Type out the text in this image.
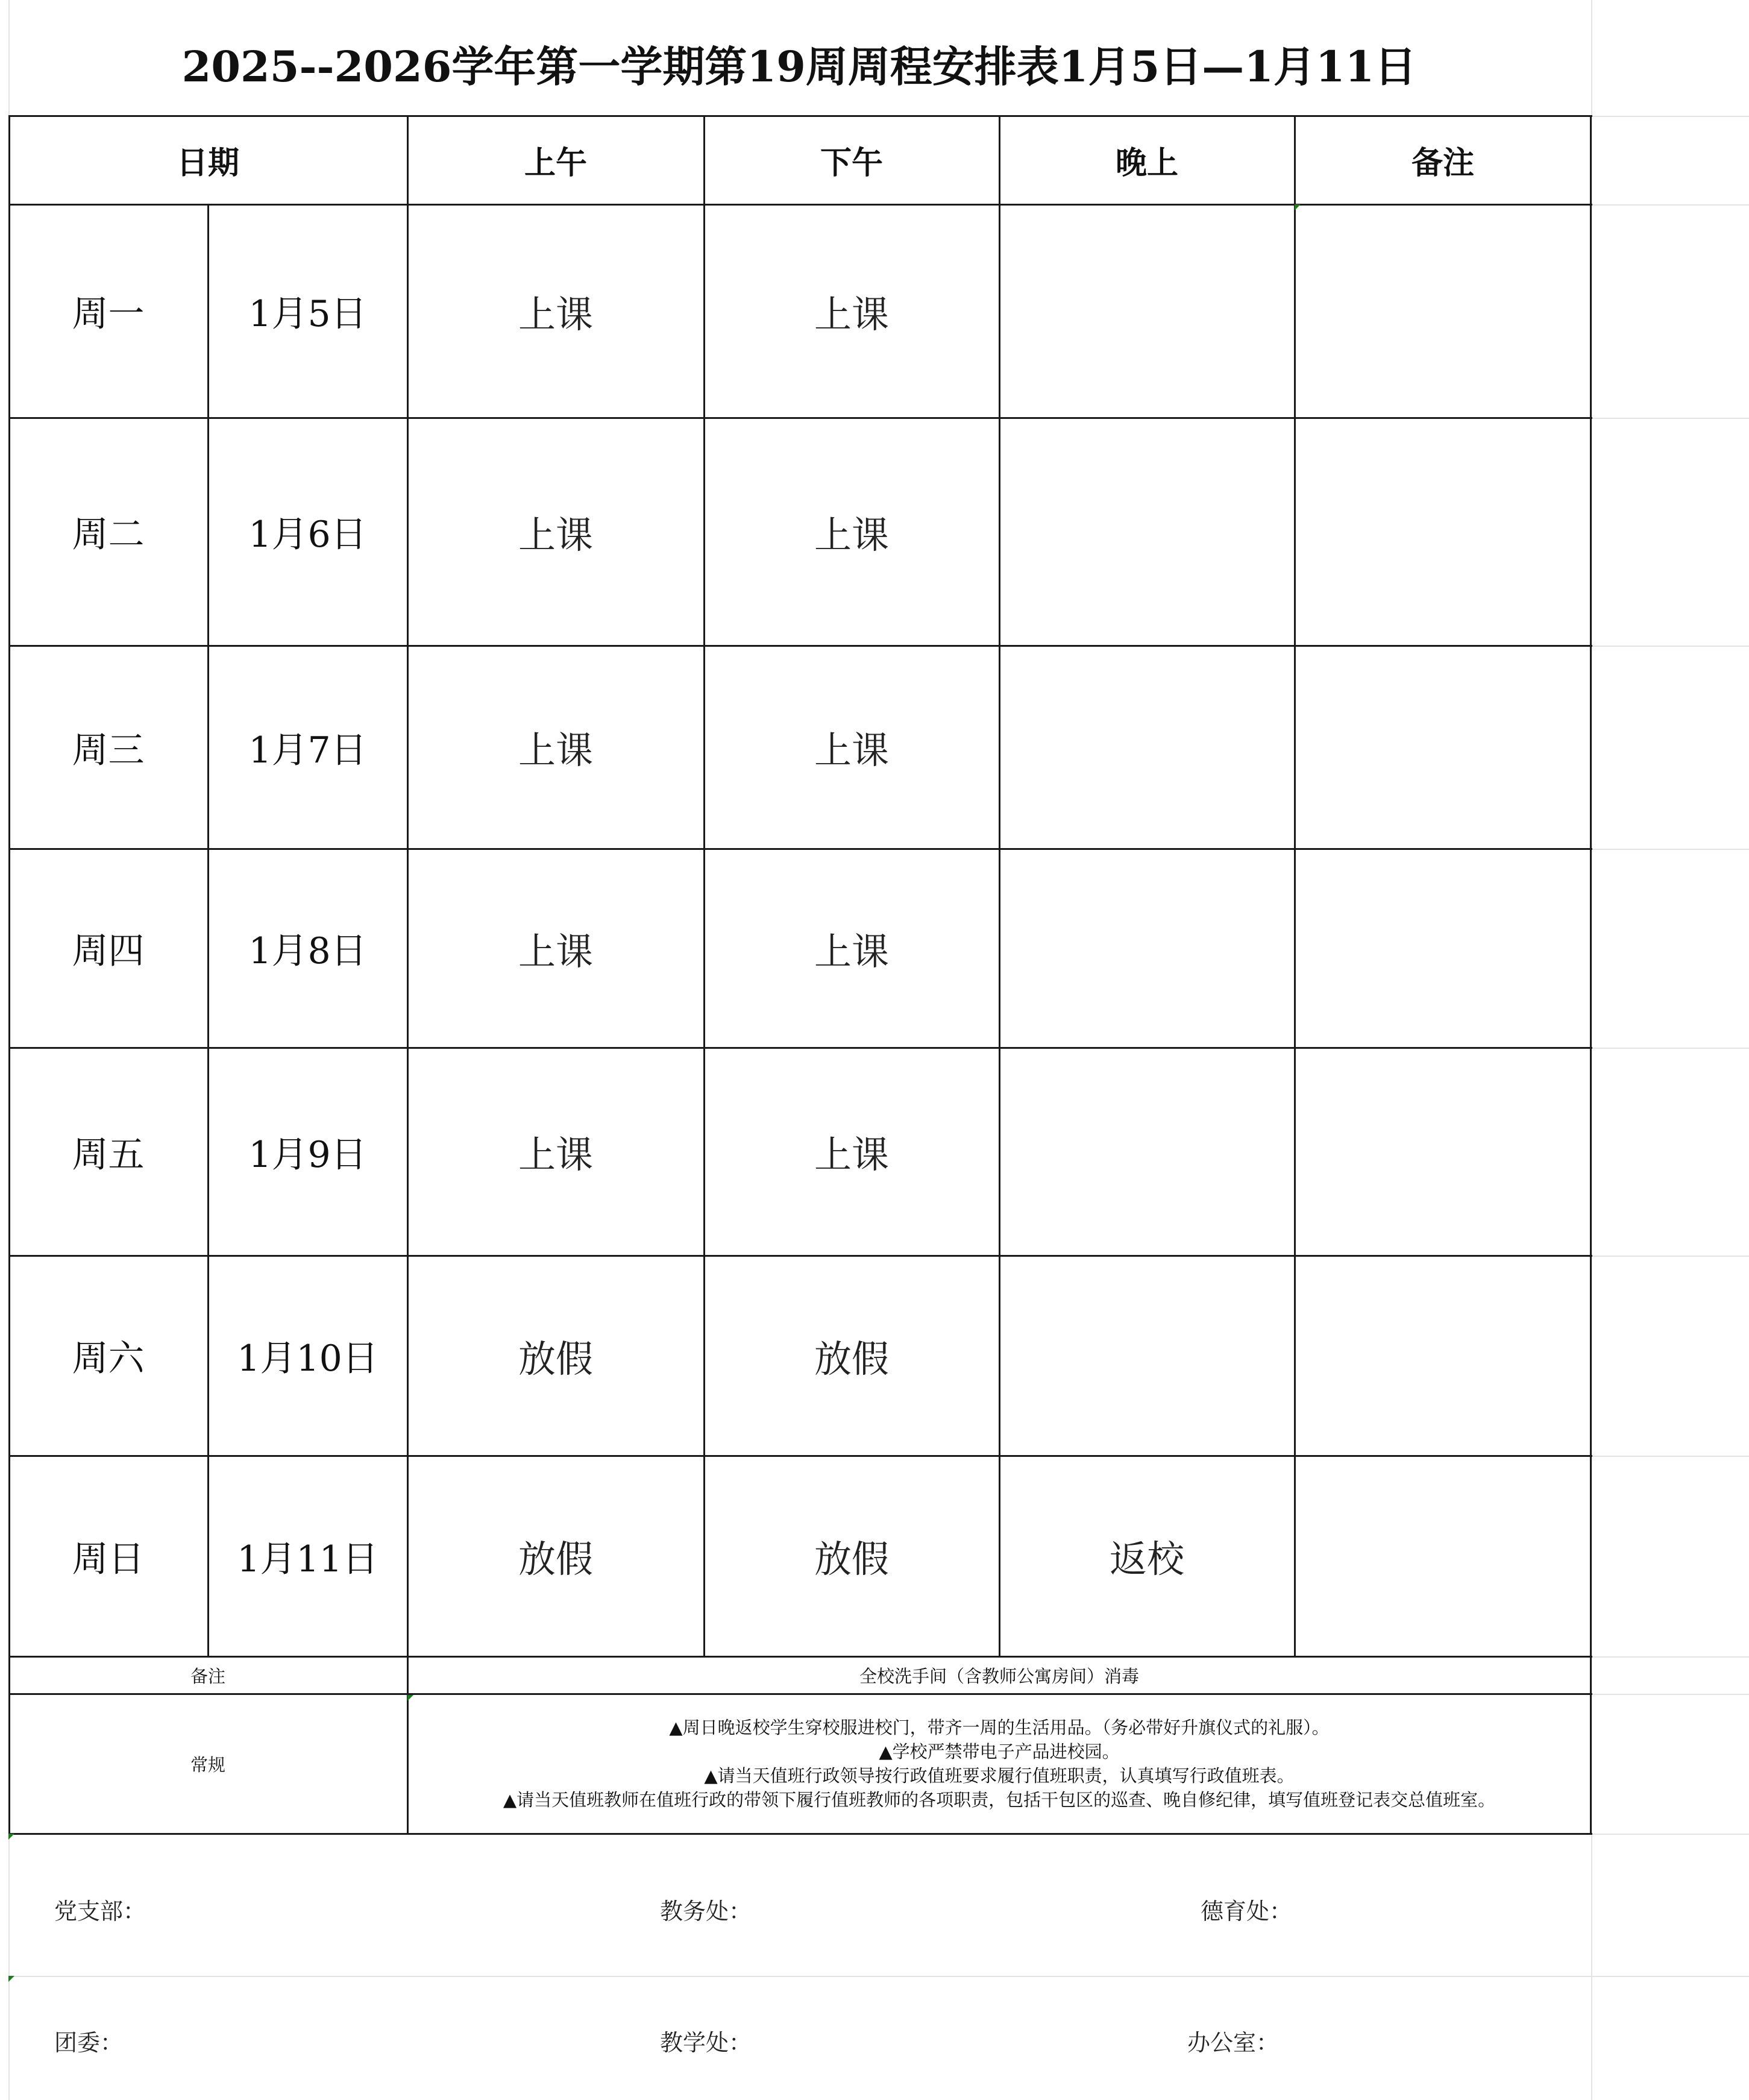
2025--2026学年第一学期第19周周程安排表1月5日—1月11日
日期	上午	下午	晚上	备注
周一	1月5日	上课	上课
周二	1月6日	上课	上课
周三	1月7日	上课	上课
周四	1月8日	上课	上课
周五	1月9日	上课	上课
周六	1月10日	放假	放假
周日	1月11日	放假	放假	返校
备注	全校洗手间（含教师公寓房间）消毒
常规
▲周日晚返校学生穿校服进校门，带齐一周的生活用品。（务必带好升旗仪式的礼服）。
▲学校严禁带电子产品进校园。
▲请当天值班行政领导按行政值班要求履行值班职责，认真填写行政值班表。
▲请当天值班教师在值班行政的带领下履行值班教师的各项职责，包括干包区的巡查、晚自修纪律，填写值班登记表交总值班室。
党支部：	教务处：	德育处：
团委：	教学处：	办公室：
